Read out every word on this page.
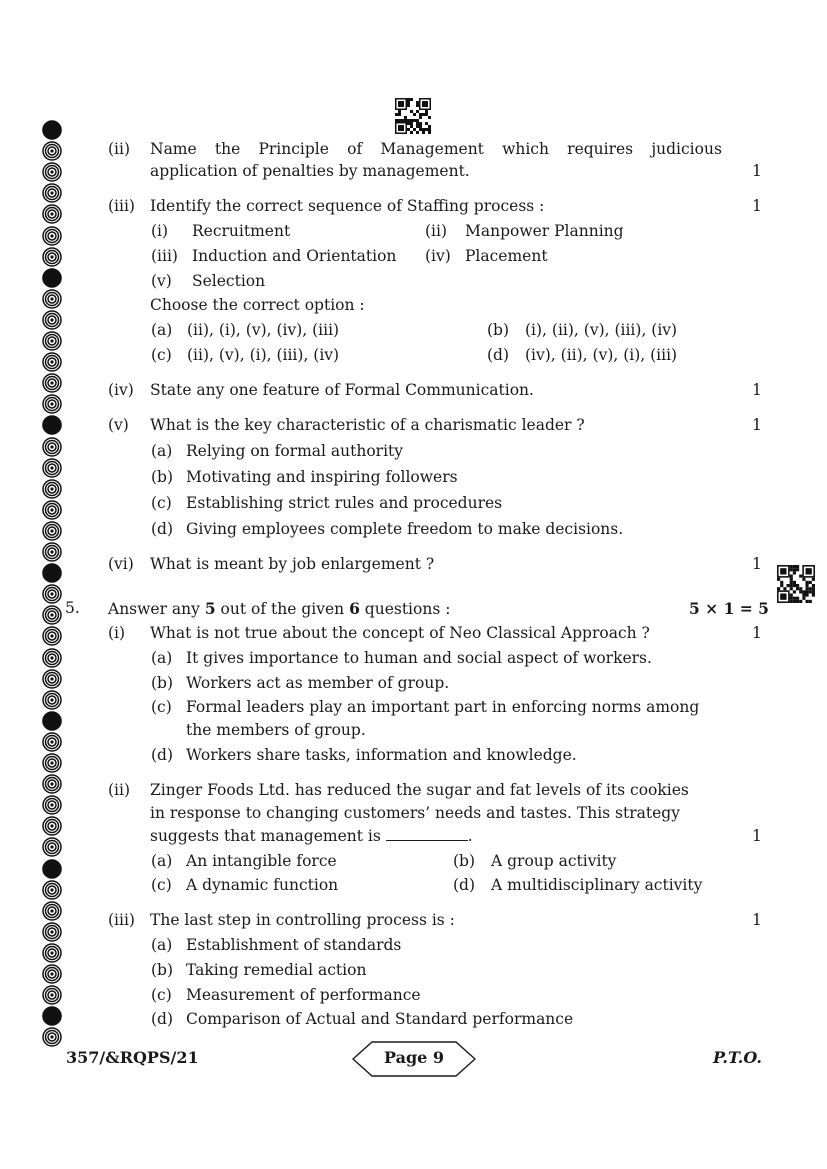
(ii) Name the Principle of Management which requires judicious
application of penalties by management.	1
(iii) Identify the correct sequence of Staffing process :	1
(i) Recruitment	(ii) Manpower Planning
(iii) Induction and Orientation (iv) Placement
(v) Selection
Choose the correct option :
(a) (ii), (i), (v), (iv), (iii)	(b) (i), (ii), (v), (iii), (iv)
(c) (ii), (v), (i), (iii), (iv)	(d) (iv), (ii), (v), (i), (iii)
(iv) State any one feature of Formal Communication.	1
(v) What is the key characteristic of a charismatic leader ?	1
(a) Relying on formal authority
(b) Motivating and inspiring followers
(c) Establishing strict rules and procedures
(d) Giving employees complete freedom to make decisions.
(vi) What is meant by job enlargement ?	1
5. Answer any 5 out of the given 6 questions :	5 × 1 = 5
(i) What is not true about the concept of Neo Classical Approach ?	1
(a) It gives importance to human and social aspect of workers.
(b) Workers act as member of group.
(c) Formal leaders play an important part in enforcing norms among
the members of group.
(d) Workers share tasks, information and knowledge.
(ii) Zinger Foods Ltd. has reduced the sugar and fat levels of its cookies
in response to changing customers’ needs and tastes. This strategy
suggests that management is	.	1
(a) An intangible force	(b) A group activity
(c) A dynamic function	(d) A multidisciplinary activity
(iii) The last step in controlling process is :	1
(a) Establishment of standards
(b) Taking remedial action
(c) Measurement of performance
(d) Comparison of Actual and Standard performance
357/&RQPS/21	Page 9	P.T.O.
